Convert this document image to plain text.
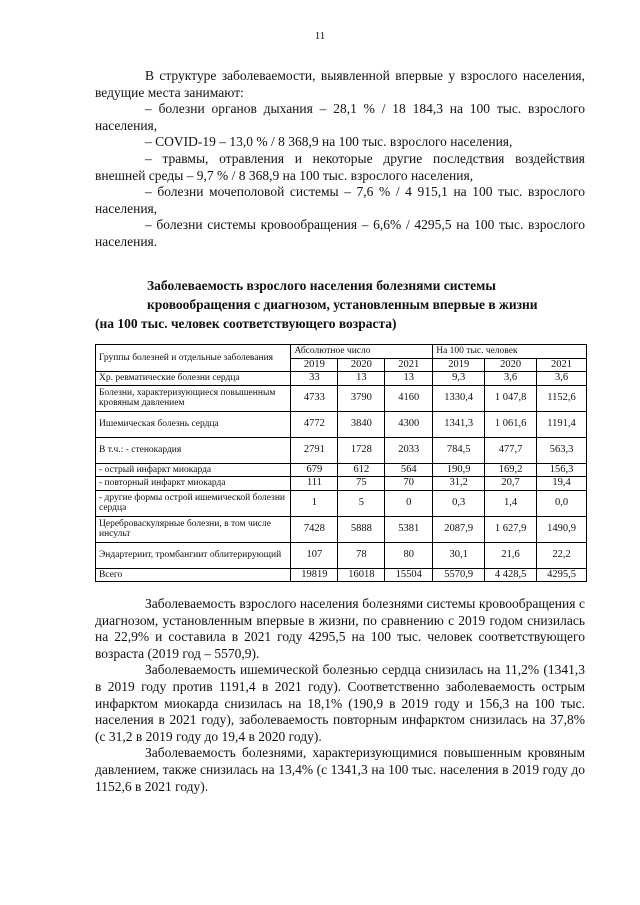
11

В структуре заболеваемости, выявленной впервые у взрослого населения, ведущие места занимают:

– болезни органов дыхания – 28,1 % / 18 184,3 на 100 тыс. взрослого населения,

– COVID-19 – 13,0 % / 8 368,9 на 100 тыс. взрослого населения,

– травмы, отравления и некоторые другие последствия воздействия внешней среды – 9,7 % / 8 368,9 на 100 тыс. взрослого населения,

– болезни мочеполовой системы – 7,6 % / 4 915,1 на 100 тыс. взрослого населения,

– болезни системы кровообращения – 6,6% / 4295,5 на 100 тыс. взрослого населения.

Заболеваемость взрослого населения болезнями системы
кровообращения с диагнозом, установленным впервые в жизни
(на 100 тыс. человек соответствующего возраста)
Группы болезней и отдельные заболевания	Абсолютное число			На 100 тыс. человек		
	2019	2020	2021	2019	2020	2021
Хр. ревматические болезни сердца	33	13	13	9,3	3,6	3,6
Болезни, характеризующиеся повышенным кровяным давлением	4733	3790	4160	1330,4	1 047,8	1152,6
Ишемическая болезнь сердца	4772	3840	4300	1341,3	1 061,6	1191,4
В т.ч.: - стенокардия	2791	1728	2033	784,5	477,7	563,3
- острый инфаркт миокарда	679	612	564	190,9	169,2	156,3
- повторный инфаркт миокарда	111	75	70	31,2	20,7	19,4
- другие формы острой ишемической болезни сердца	1	5	0	0,3	1,4	0,0
Цереброваскулярные болезни, в том числе инсульт	7428	5888	5381	2087,9	1 627,9	1490,9
Эндартериит, тромбангиит облитерирующий	107	78	80	30,1	21,6	22,2
Всего	19819	16018	15504	5570,9	4 428,5	4295,5

Заболеваемость взрослого населения болезнями системы кровообращения с диагнозом, установленным впервые в жизни, по сравнению с 2019 годом снизилась на 22,9% и составила в 2021 году 4295,5 на 100 тыс. человек соответствующего возраста (2019 год – 5570,9).

Заболеваемость ишемической болезнью сердца снизилась на 11,2% (1341,3 в 2019 году против 1191,4 в 2021 году). Соответственно заболеваемость острым инфарктом миокарда снизилась на 18,1% (190,9 в 2019 году и 156,3 на 100 тыс. населения в 2021 году), заболеваемость повторным инфарктом снизилась на 37,8% (с 31,2 в 2019 году до 19,4 в 2020 году).

Заболеваемость болезнями, характеризующимися повышенным кровяным давлением, также снизилась на 13,4% (с 1341,3 на 100 тыс. населения в 2019 году до 1152,6 в 2021 году).
